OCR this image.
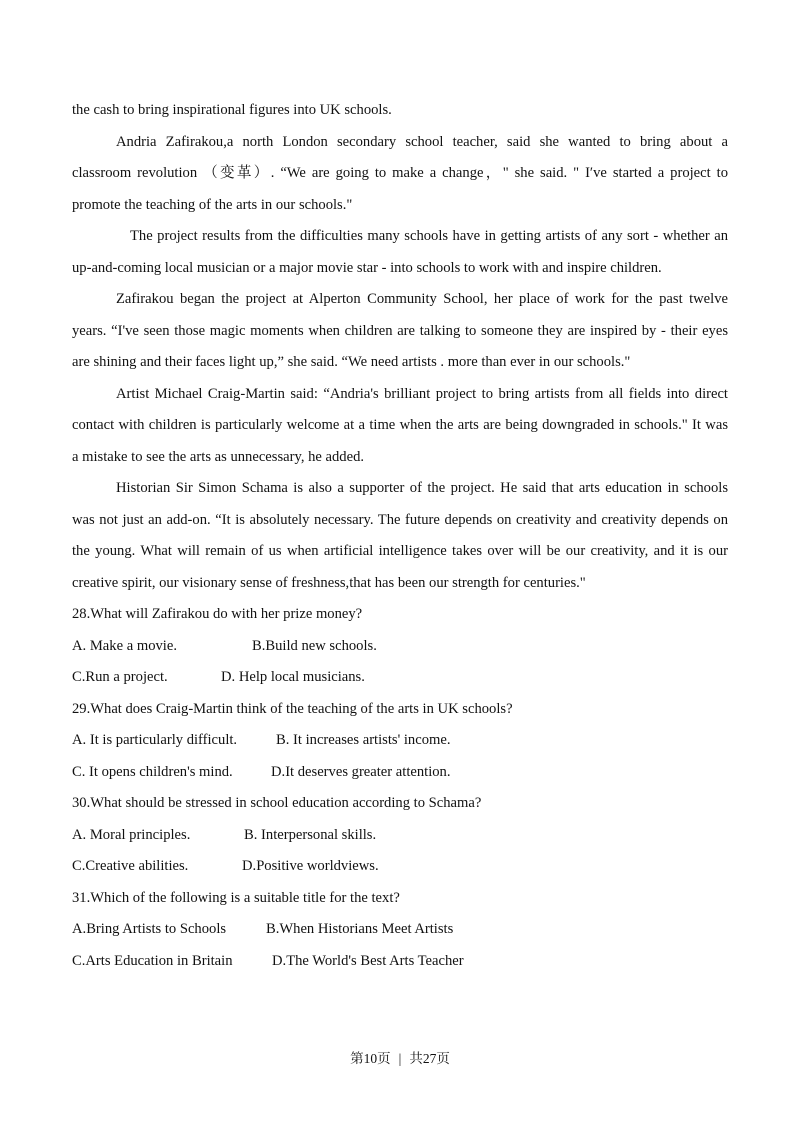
the cash to bring inspirational figures into UK schools.
Andria Zafirakou,a north London secondary school teacher, said she wanted to bring about a
classroom revolution （变革）. “We are going to make a change，" she said. " I′ve started a project to
promote the teaching of the arts in our schools."
The project results from the difficulties many schools have in getting artists of any sort - whether an
up-and-coming local musician or a major movie star - into schools to work with and inspire children.
Zafirakou began the project at Alperton Community School, her place of work for the past twelve
years. “I've seen those magic moments when children are talking to someone they are inspired by - their eyes
are shining and their faces light up,” she said. “We need artists . more than ever in our schools."
Artist Michael Craig-Martin said: “Andria's brilliant project to bring artists from all fields into direct
contact with children is particularly welcome at a time when the arts are being downgraded in schools." It was
a mistake to see the arts as unnecessary, he added.
Historian Sir Simon Schama is also a supporter of the project. He said that arts education in schools
was not just an add-on. “It is absolutely necessary. The future depends on creativity and creativity depends on
the young. What will remain of us when artificial intelligence takes over will be our creativity, and it is our
creative spirit, our visionary sense of freshness,that has been our strength for centuries."
28.What will Zafirakou do with her prize money?
A. Make a movie.	B.Build new schools.
C.Run a project.	D. Help local musicians.
29.What does Craig-Martin think of the teaching of the arts in UK schools?
A. It is particularly difficult.	B. It increases artists' income.
C. It opens children's mind.	D.It deserves greater attention.
30.What should be stressed in school education according to Schama?
A. Moral principles.	B. Interpersonal skills.
C.Creative abilities.	D.Positive worldviews.
31.Which of the following is a suitable title for the text?
A.Bring Artists to Schools	B.When Historians Meet Artists
C.Arts Education in Britain	D.The World's Best Arts Teacher
第10页 | 共27页
